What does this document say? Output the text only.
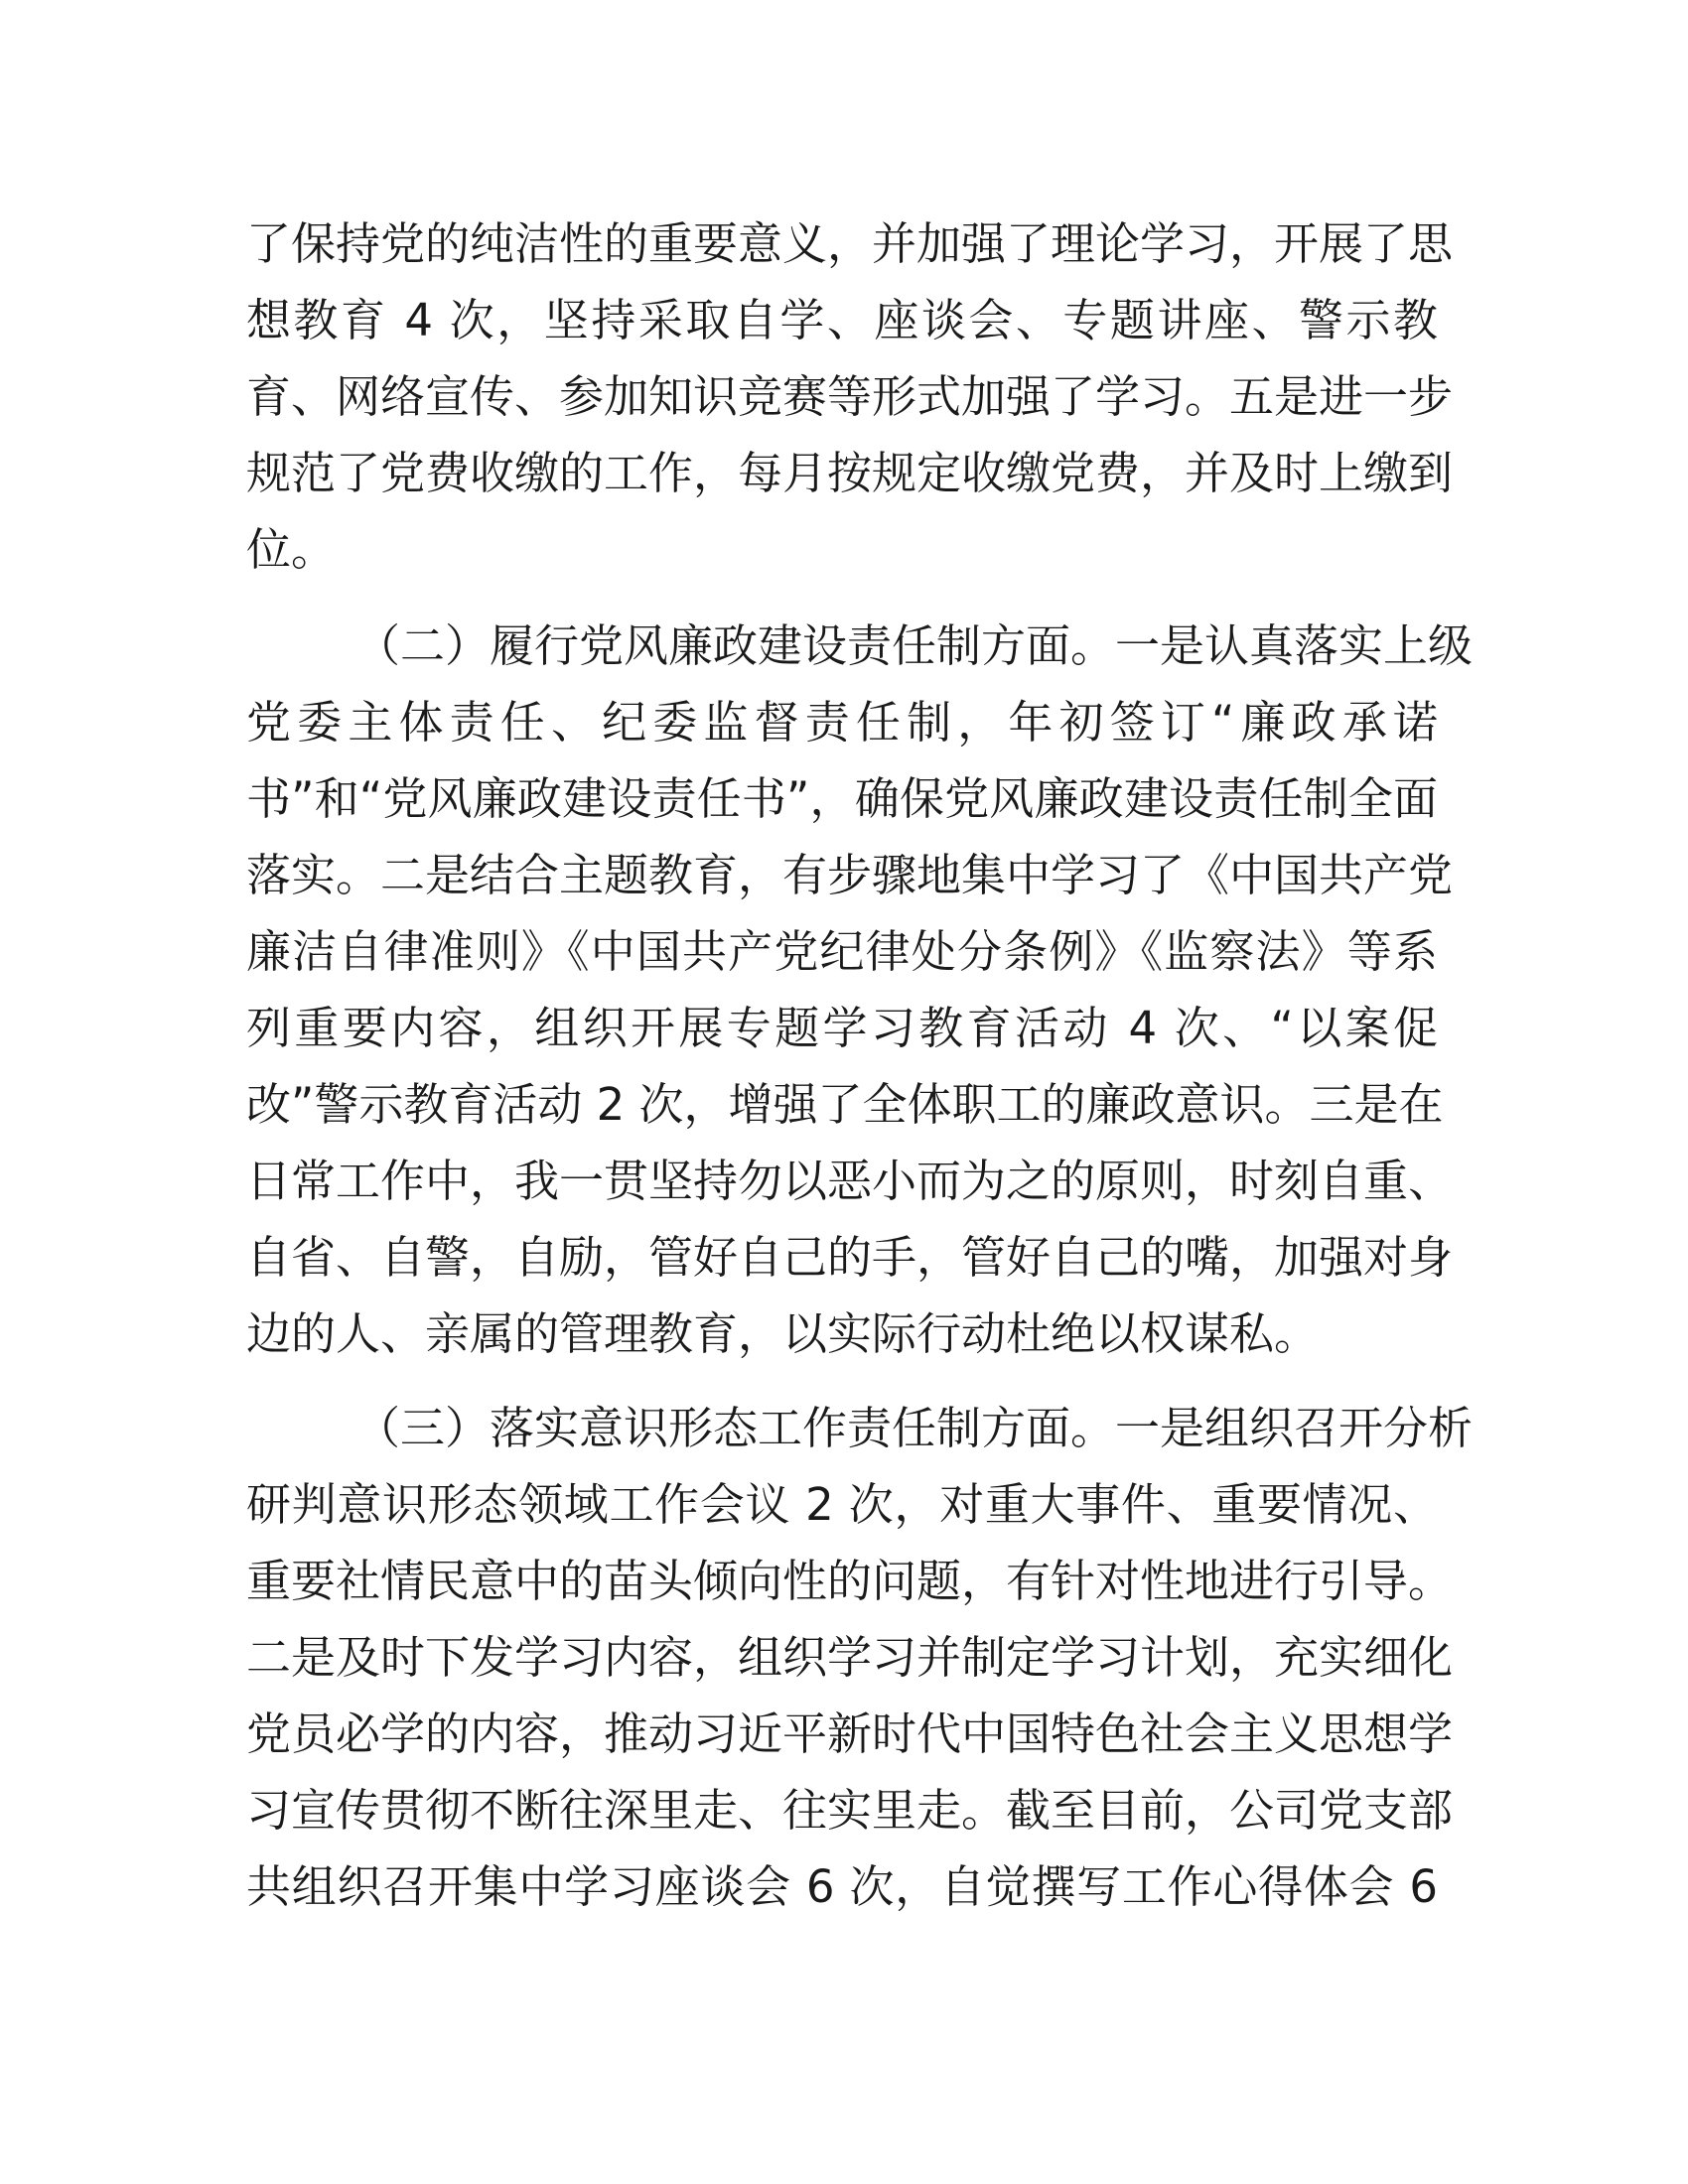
了保持党的纯洁性的重要意义，并加强了理论学习，开展了思
想教育 4 次，坚持采取自学、座谈会、专题讲座、警示教
育、网络宣传、参加知识竞赛等形式加强了学习。五是进一步
规范了党费收缴的工作，每月按规定收缴党费，并及时上缴到
位。
（二）履行党风廉政建设责任制方面。一是认真落实上级
党委主体责任、纪委监督责任制，年初签订“廉政承诺
书”和“党风廉政建设责任书”，确保党风廉政建设责任制全面
落实。二是结合主题教育，有步骤地集中学习了《中国共产党
廉洁自律准则》《中国共产党纪律处分条例》《监察法》等系
列重要内容，组织开展专题学习教育活动 4 次、“以案促
改”警示教育活动 2 次，增强了全体职工的廉政意识。三是在
日常工作中，我一贯坚持勿以恶小而为之的原则，时刻自重、
自省、自警，自励，管好自己的手，管好自己的嘴，加强对身
边的人、亲属的管理教育，以实际行动杜绝以权谋私。
（三）落实意识形态工作责任制方面。一是组织召开分析
研判意识形态领域工作会议 2 次，对重大事件、重要情况、
重要社情民意中的苗头倾向性的问题，有针对性地进行引导。
二是及时下发学习内容，组织学习并制定学习计划，充实细化
党员必学的内容，推动习近平新时代中国特色社会主义思想学
习宣传贯彻不断往深里走、往实里走。截至目前，公司党支部
共组织召开集中学习座谈会 6 次，自觉撰写工作心得体会 6
